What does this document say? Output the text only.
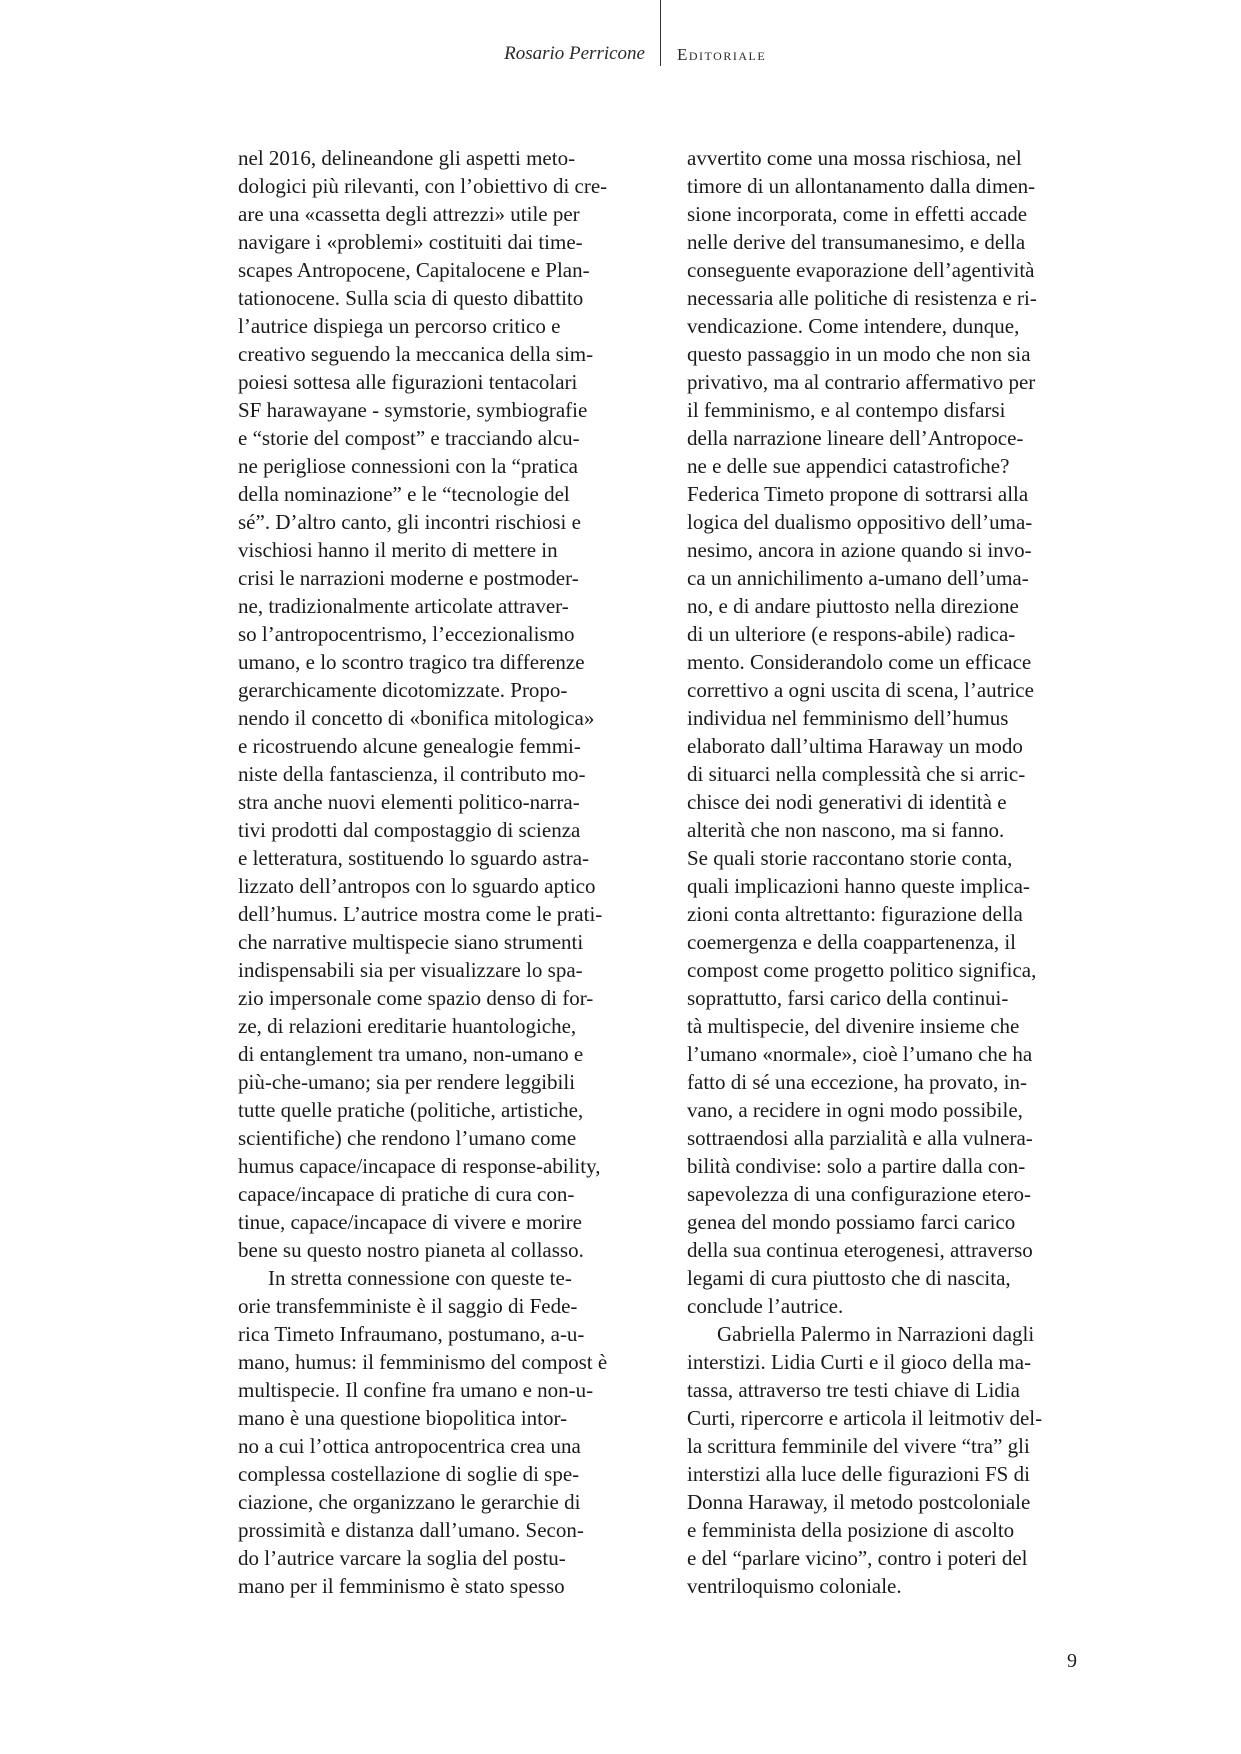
Rosario Perricone Editoriale
nel 2016, delineandone gli aspetti meto-
dologici più rilevanti, con l’obiettivo di cre-
are una «cassetta degli attrezzi» utile per
navigare i «problemi» costituiti dai time-
scapes Antropocene, Capitalocene e Plan-
tationocene. Sulla scia di questo dibattito
l’autrice dispiega un percorso critico e
creativo seguendo la meccanica della sim-
poiesi sottesa alle figurazioni tentacolari
SF harawayane - symstorie, symbiografie
e “storie del compost” e tracciando alcu-
ne perigliose connessioni con la “pratica
della nominazione” e le “tecnologie del
sé”. D’altro canto, gli incontri rischiosi e
vischiosi hanno il merito di mettere in
crisi le narrazioni moderne e postmoder-
ne, tradizionalmente articolate attraver-
so l’antropocentrismo, l’eccezionalismo
umano, e lo scontro tragico tra differenze
gerarchicamente dicotomizzate. Propo-
nendo il concetto di «bonifica mitologica»
e ricostruendo alcune genealogie femmi-
niste della fantascienza, il contributo mo-
stra anche nuovi elementi politico-narra-
tivi prodotti dal compostaggio di scienza
e letteratura, sostituendo lo sguardo astra-
lizzato dell’antropos con lo sguardo aptico
dell’humus. L’autrice mostra come le prati-
che narrative multispecie siano strumenti
indispensabili sia per visualizzare lo spa-
zio impersonale come spazio denso di for-
ze, di relazioni ereditarie huantologiche,
di entanglement tra umano, non-umano e
più-che-umano; sia per rendere leggibili
tutte quelle pratiche (politiche, artistiche,
scientifiche) che rendono l’umano come
humus capace/incapace di response-ability,
capace/incapace di pratiche di cura con-
tinue, capace/incapace di vivere e morire
bene su questo nostro pianeta al collasso.
In stretta connessione con queste te-
orie transfemministe è il saggio di Fede-
rica Timeto Infraumano, postumano, a-u-
mano, humus: il femminismo del compost è
multispecie. Il confine fra umano e non-u-
mano è una questione biopolitica intor-
no a cui l’ottica antropocentrica crea una
complessa costellazione di soglie di spe-
ciazione, che organizzano le gerarchie di
prossimità e distanza dall’umano. Secon-
do l’autrice varcare la soglia del postu-
mano per il femminismo è stato spesso
avvertito come una mossa rischiosa, nel
timore di un allontanamento dalla dimen-
sione incorporata, come in effetti accade
nelle derive del transumanesimo, e della
conseguente evaporazione dell’agentività
necessaria alle politiche di resistenza e ri-
vendicazione. Come intendere, dunque,
questo passaggio in un modo che non sia
privativo, ma al contrario affermativo per
il femminismo, e al contempo disfarsi
della narrazione lineare dell’Antropoce-
ne e delle sue appendici catastrofiche?
Federica Timeto propone di sottrarsi alla
logica del dualismo oppositivo dell’uma-
nesimo, ancora in azione quando si invo-
ca un annichilimento a-umano dell’uma-
no, e di andare piuttosto nella direzione
di un ulteriore (e respons-abile) radica-
mento. Considerandolo come un efficace
correttivo a ogni uscita di scena, l’autrice
individua nel femminismo dell’humus
elaborato dall’ultima Haraway un modo
di situarci nella complessità che si arric-
chisce dei nodi generativi di identità e
alterità che non nascono, ma si fanno.
Se quali storie raccontano storie conta,
quali implicazioni hanno queste implica-
zioni conta altrettanto: figurazione della
coemergenza e della coappartenenza, il
compost come progetto politico significa,
soprattutto, farsi carico della continui-
tà multispecie, del divenire insieme che
l’umano «normale», cioè l’umano che ha
fatto di sé una eccezione, ha provato, in-
vano, a recidere in ogni modo possibile,
sottraendosi alla parzialità e alla vulnera-
bilità condivise: solo a partire dalla con-
sapevolezza di una configurazione etero-
genea del mondo possiamo farci carico
della sua continua eterogenesi, attraverso
legami di cura piuttosto che di nascita,
conclude l’autrice.
Gabriella Palermo in Narrazioni dagli
interstizi. Lidia Curti e il gioco della ma-
tassa, attraverso tre testi chiave di Lidia
Curti, ripercorre e articola il leitmotiv del-
la scrittura femminile del vivere “tra” gli
interstizi alla luce delle figurazioni FS di
Donna Haraway, il metodo postcoloniale
e femminista della posizione di ascolto
e del “parlare vicino”, contro i poteri del
ventriloquismo coloniale.
9
